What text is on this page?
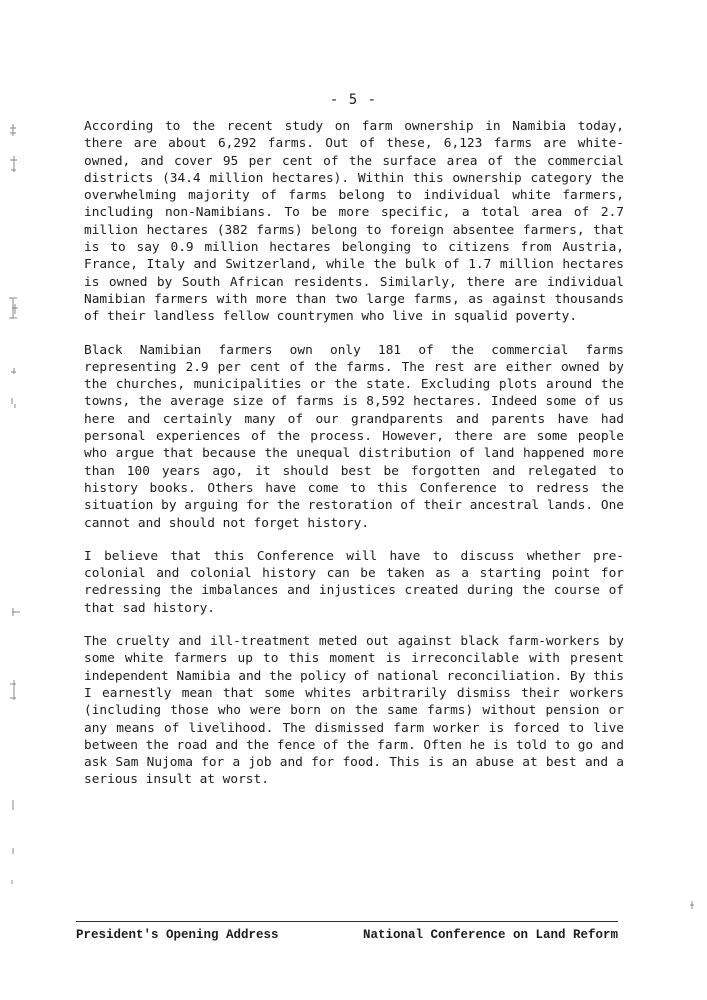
- 5 -

According to the recent study on farm ownership in Namibia today, there are about 6,292 farms. Out of these, 6,123 farms are white-owned, and cover 95 per cent of the surface area of the commercial districts (34.4 million hectares). Within this ownership category the overwhelming majority of farms belong to individual white farmers, including non-Namibians. To be more specific, a total area of 2.7 million hectares (382 farms) belong to foreign absentee farmers, that is to say 0.9 million hectares belonging to citizens from Austria, France, Italy and Switzerland, while the bulk of 1.7 million hectares is owned by South African residents. Similarly, there are individual Namibian farmers with more than two large farms, as against thousands of their landless fellow countrymen who live in squalid poverty.

Black Namibian farmers own only 181 of the commercial farms representing 2.9 per cent of the farms. The rest are either owned by the churches, municipalities or the state. Excluding plots around the towns, the average size of farms is 8,592 hectares. Indeed some of us here and certainly many of our grandparents and parents have had personal experiences of the process. However, there are some people who argue that because the unequal distribution of land happened more than 100 years ago, it should best be forgotten and relegated to history books. Others have come to this Conference to redress the situation by arguing for the restoration of their ancestral lands. One cannot and should not forget history.

I believe that this Conference will have to discuss whether pre-colonial and colonial history can be taken as a starting point for redressing the imbalances and injustices created during the course of that sad history.

The cruelty and ill-treatment meted out against black farm-workers by some white farmers up to this moment is irreconcilable with present independent Namibia and the policy of national reconciliation. By this I earnestly mean that some whites arbitrarily dismiss their workers (including those who were born on the same farms) without pension or any means of livelihood. The dismissed farm worker is forced to live between the road and the fence of the farm. Often he is told to go and ask Sam Nujoma for a job and for food. This is an abuse at best and a serious insult at worst.

President's Opening Address	National Conference on Land Reform
